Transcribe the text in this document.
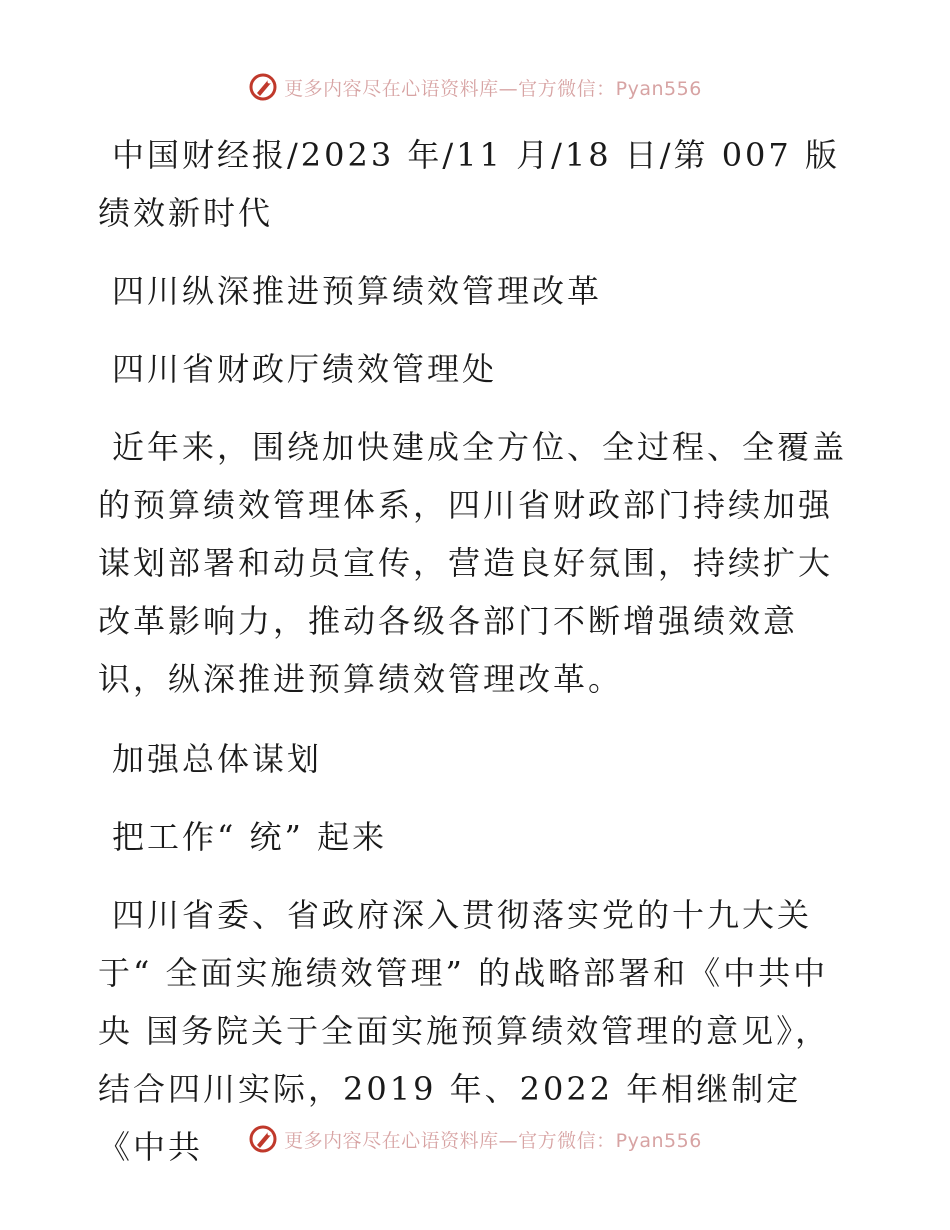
更多内容尽在心语资料库—官方微信：Pyan556

中国财经报/2023 年/11 月/18 日/第 007 版绩效新时代

四川纵深推进预算绩效管理改革

四川省财政厅绩效管理处

近年来，围绕加快建成全方位、全过程、全覆盖的预算绩效管理体系，四川省财政部门持续加强谋划部署和动员宣传，营造良好氛围，持续扩大改革影响力，推动各级各部门不断增强绩效意识，纵深推进预算绩效管理改革。

加强总体谋划

把工作“ 统” 起来

四川省委、省政府深入贯彻落实党的十九大关于“ 全面实施绩效管理” 的战略部署和《中共中央 国务院关于全面实施预算绩效管理的意见》，结合四川实际，2019 年、2022 年相继制定《中共	更多内容尽在心语资料库—官方微信：Pyan556
